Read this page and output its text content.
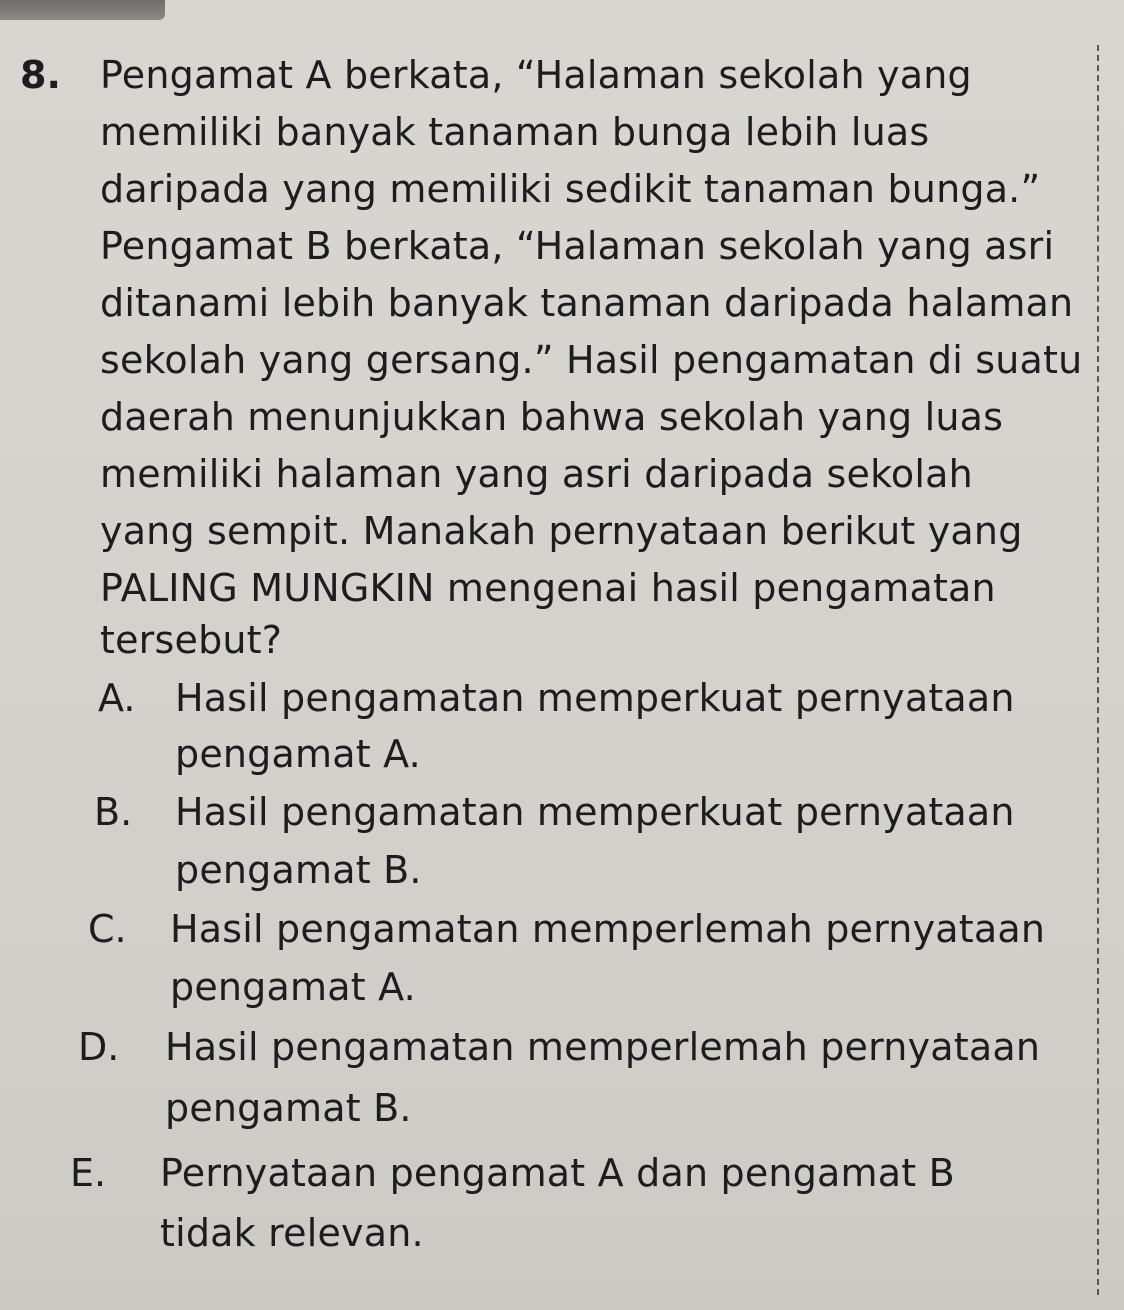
8. Pengamat A berkata, “Halaman sekolah yang
memiliki banyak tanaman bunga lebih luas
daripada yang memiliki sedikit tanaman bunga.”
Pengamat B berkata, “Halaman sekolah yang asri
ditanami lebih banyak tanaman daripada halaman
sekolah yang gersang.” Hasil pengamatan di suatu
daerah menunjukkan bahwa sekolah yang luas
memiliki halaman yang asri daripada sekolah
yang sempit. Manakah pernyataan berikut yang
PALING MUNGKIN mengenai hasil pengamatan
tersebut?
A. Hasil pengamatan memperkuat pernyataan
pengamat A.
B. Hasil pengamatan memperkuat pernyataan
pengamat B.
C. Hasil pengamatan memperlemah pernyataan
pengamat A.
D. Hasil pengamatan memperlemah pernyataan
pengamat B.
E. Pernyataan pengamat A dan pengamat B
tidak relevan.
